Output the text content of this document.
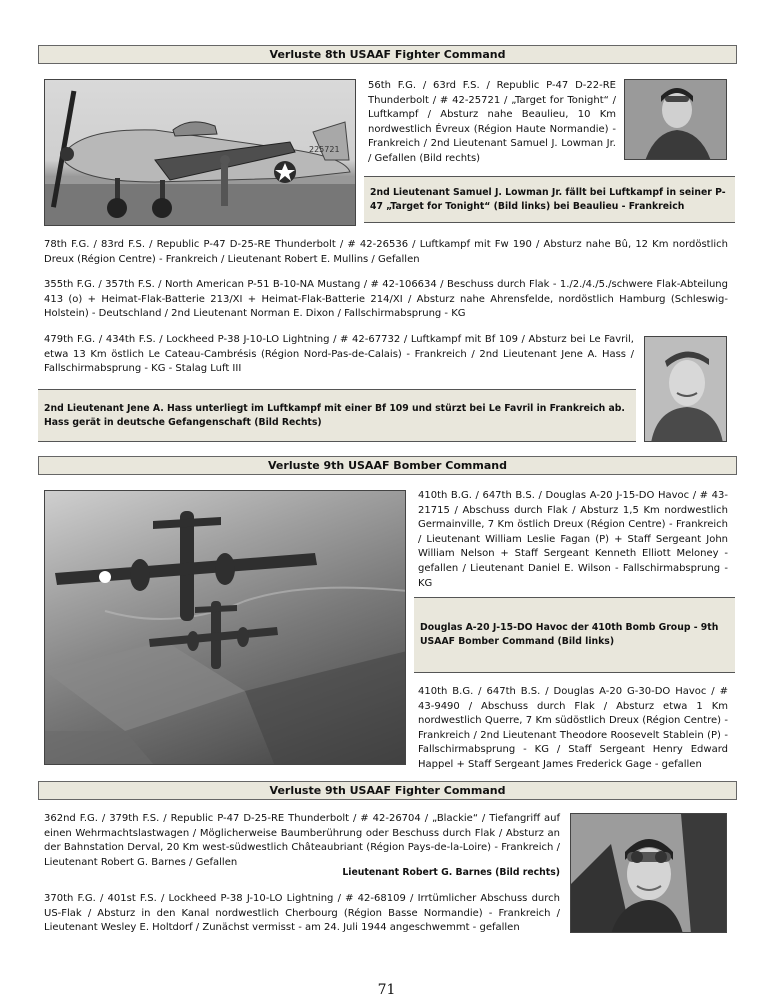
Verluste 8th USAAF Fighter Command
225721
56th F.G. / 63rd F.S. / Republic P-47 D-22-RE Thunderbolt / # 42-25721 / „Target for Tonight“ / Luftkampf / Absturz nahe Beaulieu, 10 Km nordwestlich Évreux (Région Haute Normandie) - Frankreich / 2nd Lieutenant Samuel J. Lowman Jr. / Gefallen (Bild rechts)
2nd Lieutenant Samuel J. Lowman Jr. fällt bei Luftkampf in seiner P-47 „Target for Tonight“ (Bild links) bei Beaulieu - Frankreich
78th F.G. / 83rd F.S. / Republic P-47 D-25-RE Thunderbolt / # 42-26536 / Luftkampf mit Fw 190 / Absturz nahe Bû, 12 Km nordöstlich Dreux (Région Centre) - Frankreich / Lieutenant Robert E. Mullins / Gefallen
355th F.G. / 357th F.S. / North American P-51 B-10-NA Mustang / # 42-106634 / Beschuss durch Flak - 1./2./4./5./schwere Flak-Abteilung 413 (o) + Heimat-Flak-Batterie 213/XI + Heimat-Flak-Batterie 214/XI / Absturz nahe Ahrensfelde, nordöstlich Hamburg (Schleswig-Holstein) - Deutschland / 2nd Lieutenant Norman E. Dixon / Fallschirmabsprung - KG
479th F.G. / 434th F.S. / Lockheed P-38 J-10-LO Lightning / # 42-67732 / Luftkampf mit Bf 109 / Absturz bei Le Favril, etwa 13 Km östlich Le Cateau-Cambrésis (Région Nord-Pas-de-Calais) - Frankreich / 2nd Lieutenant Jene A. Hass / Fallschirmabsprung - KG - Stalag Luft III
2nd Lieutenant Jene A. Hass unterliegt im Luftkampf mit einer Bf 109 und stürzt bei Le Favril in Frankreich ab. Hass gerät in deutsche Gefangenschaft (Bild Rechts)
Verluste 9th USAAF Bomber Command
410th B.G. / 647th B.S. / Douglas A-20 J-15-DO Havoc / # 43-21715 / Abschuss durch Flak / Absturz 1,5 Km nordwestlich Germainville, 7 Km östlich Dreux (Région Centre) - Frankreich / Lieutenant William Leslie Fagan (P) + Staff Sergeant John William Nelson + Staff Sergeant Kenneth Elliott Meloney - gefallen / Lieutenant Daniel E. Wilson - Fallschirmabsprung - KG
Douglas A-20 J-15-DO Havoc der 410th Bomb Group - 9th USAAF Bomber Command (Bild links)
410th B.G. / 647th B.S. / Douglas A-20 G-30-DO Havoc / # 43-9490 / Abschuss durch Flak / Absturz etwa 1 Km nordwestlich Querre, 7 Km südöstlich Dreux (Région Centre) - Frankreich / 2nd Lieutenant Theodore Roosevelt Stablein (P) - Fallschirmabsprung - KG / Staff Sergeant Henry Edward Happel + Staff Sergeant James Frederick Gage - gefallen
Verluste 9th USAAF Fighter Command
362nd F.G. / 379th F.S. / Republic P-47 D-25-RE Thunderbolt / # 42-26704 / „Blackie“ / Tiefangriff auf einen Wehrmachtslastwagen / Möglicherweise Baumberührung oder Beschuss durch Flak / Absturz an der Bahnstation Derval, 20 Km west-südwestlich Châteaubriant (Région Pays-de-la-Loire) - Frankreich / Lieutenant Robert G. Barnes / Gefallen
Lieutenant Robert G. Barnes (Bild rechts)
370th F.G. / 401st F.S. / Lockheed P-38 J-10-LO Lightning / # 42-68109 / Irrtümlicher Abschuss durch US-Flak / Absturz in den Kanal nordwestlich Cherbourg (Région Basse Normandie) - Frankreich / Lieutenant Wesley E. Holtdorf / Zunächst vermisst - am 24. Juli 1944 angeschwemmt - gefallen
71
